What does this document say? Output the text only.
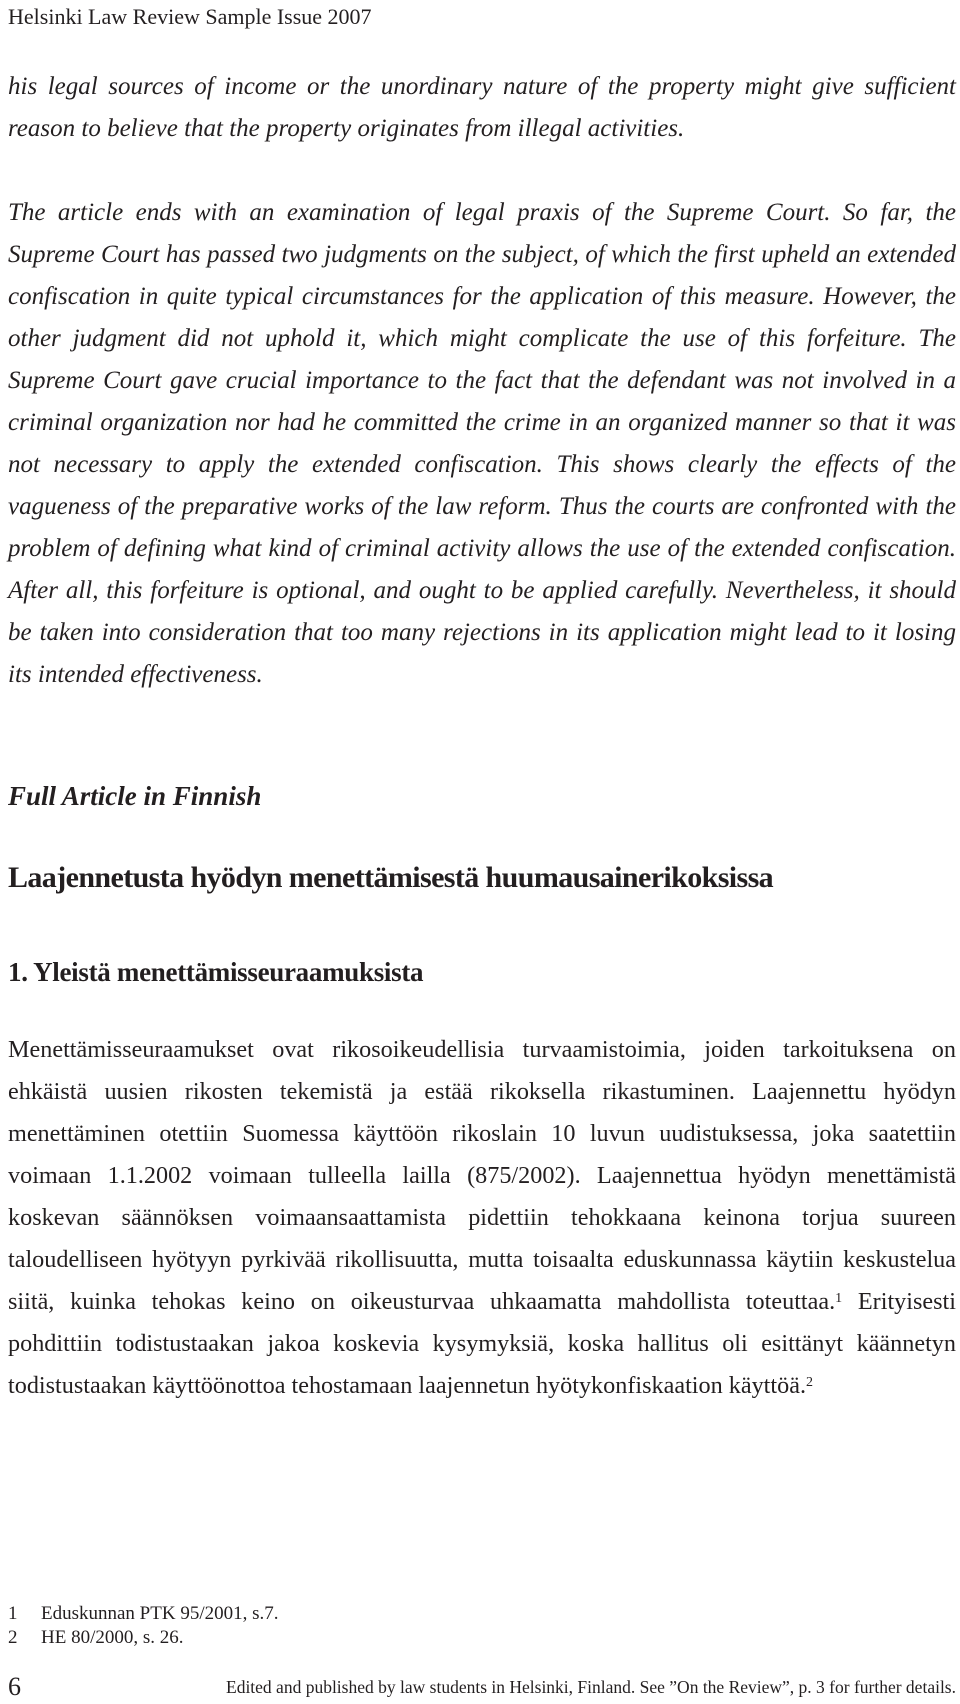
Helsinki Law Review Sample Issue 2007

his legal sources of income or the unordinary nature of the property might give sufficient reason to believe that the property originates from illegal activities.

The article ends with an examination of legal praxis of the Supreme Court. So far, the Supreme Court has passed two judgments on the subject, of which the first upheld an extended confiscation in quite typical circumstances for the application of this measure. However, the other judgment did not uphold it, which might complicate the use of this forfeiture. The Supreme Court gave crucial importance to the fact that the defendant was not involved in a criminal organization nor had he committed the crime in an organized manner so that it was not necessary to apply the extended confiscation. This shows clearly the effects of the vagueness of the preparative works of the law reform. Thus the courts are confronted with the problem of defining what kind of criminal activity allows the use of the extended confiscation. After all, this forfeiture is optional, and ought to be applied carefully. Nevertheless, it should be taken into consideration that too many rejections in its application might lead to it losing its intended effectiveness.

Full Article in Finnish
Laajennetusta hyödyn menettämisestä huumausainerikoksissa
1. Yleistä menettämisseuraamuksista

Menettämisseuraamukset ovat rikosoikeudellisia turvaamistoimia, joiden tarkoituksena on ehkäistä uusien rikosten tekemistä ja estää rikoksella rikastuminen. Laajennettu hyödyn menettäminen otettiin Suomessa käyttöön rikoslain 10 luvun uudistuksessa, joka saatettiin voimaan 1.1.2002 voimaan tulleella lailla (875/2002). Laajennettua hyödyn menettämistä koskevan säännöksen voimaansaattamista pidettiin tehokkaana keinona torjua suureen taloudelliseen hyötyyn pyrkivää rikollisuutta, mutta toisaalta eduskunnassa käytiin keskustelua siitä, kuinka tehokas keino on oikeusturvaa uhkaamatta mahdollista toteuttaa.$^1$ Erityisesti pohdittiin todistustaakan jakoa koskevia kysymyksiä, koska hallitus oli esittänyt käännetyn todistustaakan käyttöönottoa tehostamaan laajennetun hyötykonfiskaation käyttöä.$^2$

1	Eduskunnan PTK 95/2001, s.7.
2	HE 80/2000, s. 26.
6	Edited and published by law students in Helsinki, Finland. See ”On the Review”, p. 3 for further details.
